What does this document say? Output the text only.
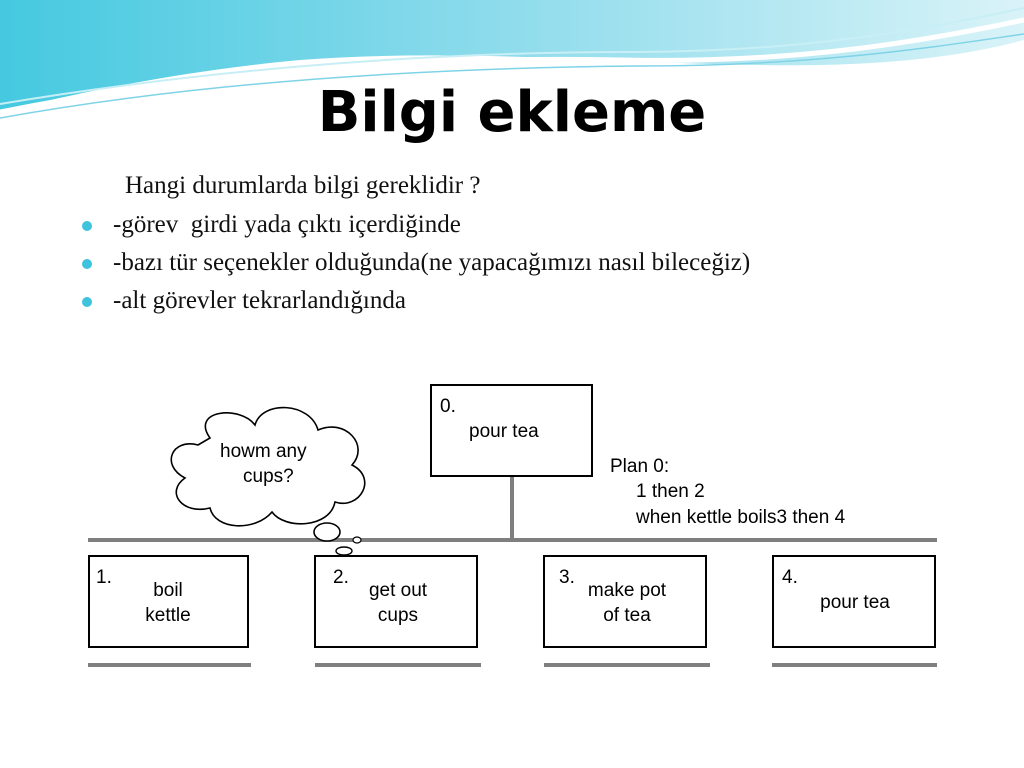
Bilgi ekleme
Hangi durumlarda bilgi gereklidir ?
-görev  girdi yada çıktı içerdiğinde
-bazı tür seçenekler olduğunda(ne yapacağımızı nasıl bileceğiz)
-alt görevler tekrarlandığında
0.
pour tea
Plan 0:
1 then 2
when kettle boils3 then 4
howm any
cups?
1.
boil
kettle
2.
get out
cups
3.
make pot
of tea
4.
pour tea
